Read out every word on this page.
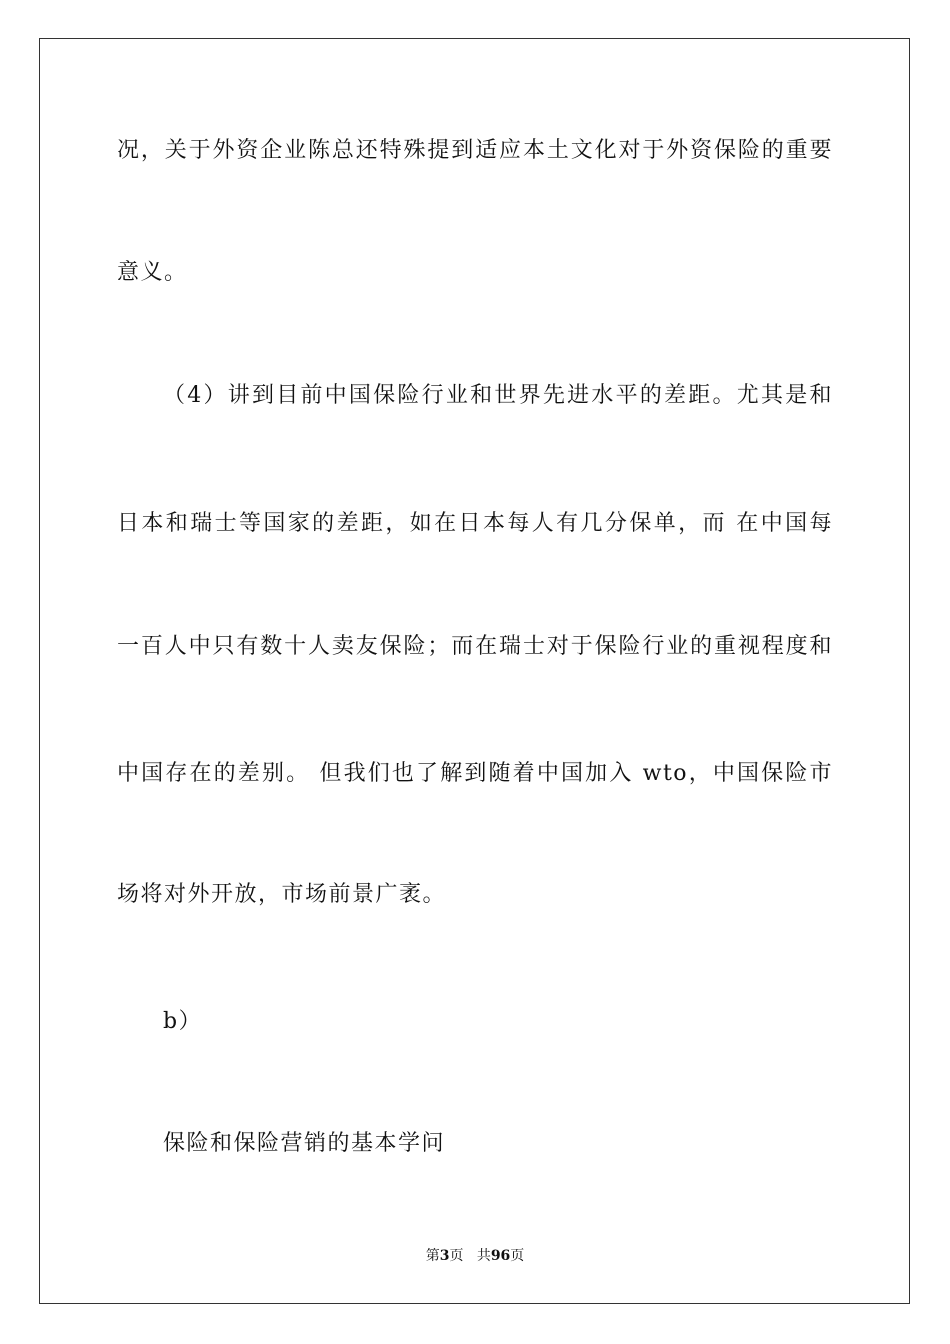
况，关于外资企业陈总还特殊提到适应本土文化对于外资保险的重要
意义。
（4）讲到目前中国保险行业和世界先进水平的差距。尤其是和
日本和瑞士等国家的差距，如在日本每人有几分保单，而 在中国每
一百人中只有数十人卖友保险；而在瑞士对于保险行业的重视程度和
中国存在的差别。 但我们也了解到随着中国加入 wto，中国保险市
场将对外开放，市场前景广袤。
b）
保险和保险营销的基本学问
第3页 共96页
